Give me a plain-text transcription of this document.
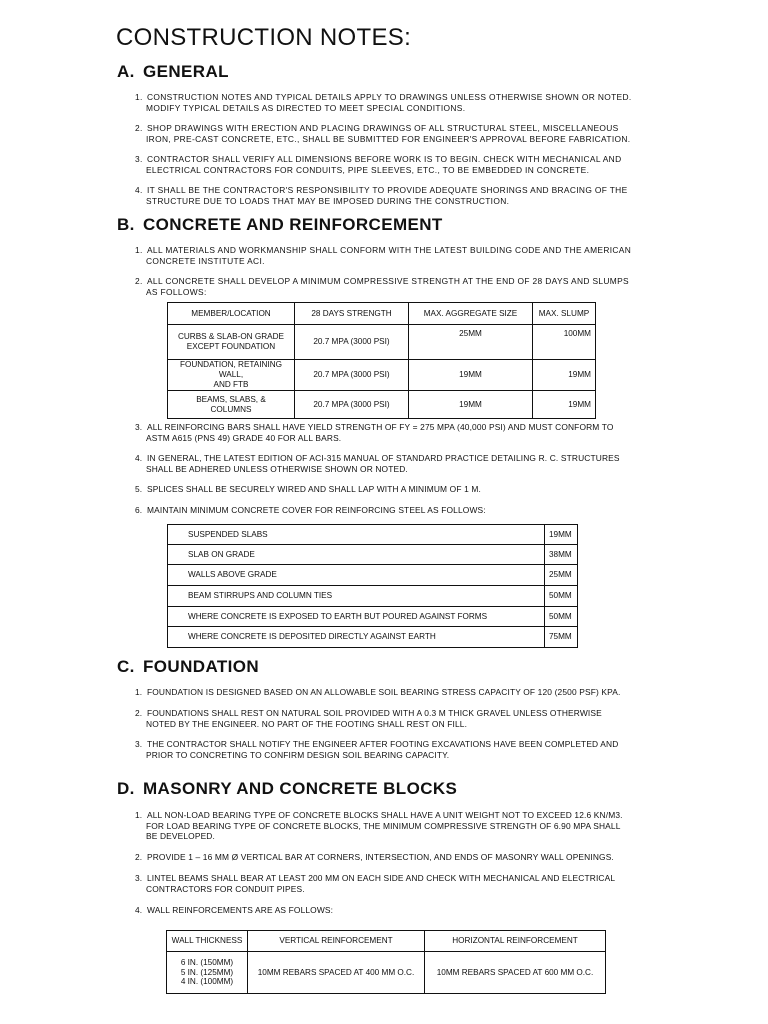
CONSTRUCTION NOTES:
A. GENERAL
1. CONSTRUCTION NOTES AND TYPICAL DETAILS APPLY TO DRAWINGS UNLESS OTHERWISE SHOWN OR NOTED.
MODIFY TYPICAL DETAILS AS DIRECTED TO MEET SPECIAL CONDITIONS.
2. SHOP DRAWINGS WITH ERECTION AND PLACING DRAWINGS OF ALL STRUCTURAL STEEL, MISCELLANEOUS
IRON, PRE-CAST CONCRETE, ETC., SHALL BE SUBMITTED FOR ENGINEER'S APPROVAL BEFORE FABRICATION.
3. CONTRACTOR SHALL VERIFY ALL DIMENSIONS BEFORE WORK IS TO BEGIN. CHECK WITH MECHANICAL AND
ELECTRICAL CONTRACTORS FOR CONDUITS, PIPE SLEEVES, ETC., TO BE EMBEDDED IN CONCRETE.
4. IT SHALL BE THE CONTRACTOR'S RESPONSIBILITY TO PROVIDE ADEQUATE SHORINGS AND BRACING OF THE
STRUCTURE DUE TO LOADS THAT MAY BE IMPOSED DURING THE CONSTRUCTION.
B. CONCRETE AND REINFORCEMENT
1. ALL MATERIALS AND WORKMANSHIP SHALL CONFORM WITH THE LATEST BUILDING CODE AND THE AMERICAN
CONCRETE INSTITUTE ACI.
2. ALL CONCRETE SHALL DEVELOP A MINIMUM COMPRESSIVE STRENGTH AT THE END OF 28 DAYS AND SLUMPS
AS FOLLOWS:
MEMBER/LOCATION	28 DAYS STRENGTH	MAX. AGGREGATE SIZE	MAX. SLUMP
CURBS & SLAB-ON GRADE
EXCEPT FOUNDATION	20.7 MPA (3000 PSI)	25MM	100MM
FOUNDATION, RETAINING
WALL,
AND FTB	20.7 MPA (3000 PSI)	19MM	19MM
BEAMS, SLABS, &
COLUMNS	20.7 MPA (3000 PSI)	19MM	19MM
3. ALL REINFORCING BARS SHALL HAVE YIELD STRENGTH OF FY = 275 MPA (40,000 PSI) AND MUST CONFORM TO
ASTM A615 (PNS 49) GRADE 40 FOR ALL BARS.
4. IN GENERAL, THE LATEST EDITION OF ACI-315 MANUAL OF STANDARD PRACTICE DETAILING R. C. STRUCTURES
SHALL BE ADHERED UNLESS OTHERWISE SHOWN OR NOTED.
5. SPLICES SHALL BE SECURELY WIRED AND SHALL LAP WITH A MINIMUM OF 1 M.
6. MAINTAIN MINIMUM CONCRETE COVER FOR REINFORCING STEEL AS FOLLOWS:
SUSPENDED SLABS	19MM
SLAB ON GRADE	38MM
WALLS ABOVE GRADE	25MM
BEAM STIRRUPS AND COLUMN TIES	50MM
WHERE CONCRETE IS EXPOSED TO EARTH BUT POURED AGAINST FORMS	50MM
WHERE CONCRETE IS DEPOSITED DIRECTLY AGAINST EARTH	75MM
C. FOUNDATION
1. FOUNDATION IS DESIGNED BASED ON AN ALLOWABLE SOIL BEARING STRESS CAPACITY OF 120 (2500 PSF) KPA.
2. FOUNDATIONS SHALL REST ON NATURAL SOIL PROVIDED WITH A 0.3 M THICK GRAVEL UNLESS OTHERWISE
NOTED BY THE ENGINEER. NO PART OF THE FOOTING SHALL REST ON FILL.
3. THE CONTRACTOR SHALL NOTIFY THE ENGINEER AFTER FOOTING EXCAVATIONS HAVE BEEN COMPLETED AND
PRIOR TO CONCRETING TO CONFIRM DESIGN SOIL BEARING CAPACITY.
D. MASONRY AND CONCRETE BLOCKS
1. ALL NON-LOAD BEARING TYPE OF CONCRETE BLOCKS SHALL HAVE A UNIT WEIGHT NOT TO EXCEED 12.6 KN/M3.
FOR LOAD BEARING TYPE OF CONCRETE BLOCKS, THE MINIMUM COMPRESSIVE STRENGTH OF 6.90 MPA SHALL
BE DEVELOPED.
2. PROVIDE 1 – 16 MM Ø VERTICAL BAR AT CORNERS, INTERSECTION, AND ENDS OF MASONRY WALL OPENINGS.
3. LINTEL BEAMS SHALL BEAR AT LEAST 200 MM ON EACH SIDE AND CHECK WITH MECHANICAL AND ELECTRICAL
CONTRACTORS FOR CONDUIT PIPES.
4. WALL REINFORCEMENTS ARE AS FOLLOWS:
WALL THICKNESS	VERTICAL REINFORCEMENT	HORIZONTAL REINFORCEMENT
6 IN. (150MM)
5 IN. (125MM)
4 IN. (100MM)	10MM REBARS SPACED AT 400 MM O.C.	10MM REBARS SPACED AT 600 MM O.C.
